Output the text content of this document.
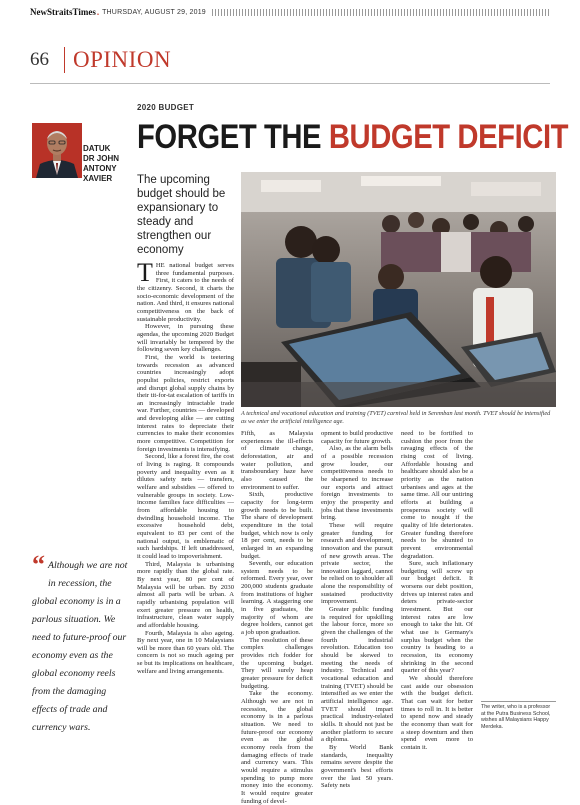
NewStraitsTimes . THURSDAY, AUGUST 29, 2019
66	OPINION
DATUK
DR JOHN
ANTONY
XAVIER
2020 BUDGET
FORGET THE BUDGET DEFICIT
The upcoming budget should be expansionary to steady and strengthen our economy
A technical and vocational education and training (TVET) carnival held in Seremban last month. TVET should be intensified as we enter the artificial intelligence age.

THE national budget serves three fundamental purposes. First, it caters to the needs of the citizenry. Second, it charts the socio-economic development of the nation. And third, it ensures national competitiveness on the back of sustainable productivity.

However, in pursuing these agendas, the upcoming 2020 Budget will invariably be tempered by the following seven key challenges.

First, the world is teetering towards recession as advanced countries increasingly adopt populist policies, restrict exports and disrupt global supply chains by their tit-for-tat escalation of tariffs in an increasingly intractable trade war. Further, countries — developed and developing alike — are cutting interest rates to depreciate their currencies to make their economies more competitive. Competition for foreign investments is intensifying.

Second, like a forest fire, the cost of living is raging. It compounds poverty and inequality even as it dilutes safety nets — transfers, welfare and subsidies — offered to vulnerable groups in society. Low-income families face difficulties — from affordable housing to dwindling household income. The excessive household debt, equivalent to 83 per cent of the national output, is emblematic of such hardships. If left unaddressed, it could lead to impoverishment.

Third, Malaysia is urbanising more rapidly than the global rate. By next year, 80 per cent of Malaysia will be urban. By 2030 almost all parts will be urban. A rapidly urbanising population will exert greater pressure on health, infrastructure, clean water supply and affordable housing.

Fourth, Malaysia is also ageing. By next year, one in 10 Malaysians will be more than 60 years old. The concern is not so much ageing per se but its implications on healthcare, welfare and living arrangements.

Fifth, as Malaysia experiences the ill-effects of climate change, deforestation, air and water pollution, and transboundary haze have also caused the environment to suffer.

Sixth, productive capacity for long-term growth needs to be built. The share of development expenditure in the total budget, which now is only 18 per cent, needs to be enlarged in an expanding budget.

Seventh, our education system needs to be reformed. Every year, over 200,000 students graduate from institutions of higher learning. A staggering one in five graduates, the majority of whom are degree holders, cannot get a job upon graduation.

The resolution of these complex challenges provides rich fodder for the upcoming budget. They will surely heap greater pressure for deficit budgeting.

Take the economy. Although we are not in recession, the global economy is in a parlous situation. We need to future-proof our economy even as the global economy reels from the damaging effects of trade and currency wars. This would require a stimulus spending to pump more money into the economy. It would require greater funding of devel-

opment to build productive capacity for future growth.

Also, as the alarm bells of a possible recession grow louder, our competitiveness needs to be sharpened to increase our exports and attract foreign investments to enjoy the prosperity and jobs that these investments bring.

These will require greater funding for research and development, innovation and the pursuit of new growth areas. The private sector, the innovation laggard, cannot be relied on to shoulder all alone the responsibility of sustained productivity improvement.

Greater public funding is required for upskilling the labour force, more so given the challenges of the fourth industrial revolution. Education too should be skewed to meeting the needs of industry. Technical and vocational education and training (TVET) should be intensified as we enter the artificial intelligence age. TVET should impart practical industry-related skills. It should not just be another platform to secure a diploma.

By World Bank standards, inequality remains severe despite the government's best efforts over the last 50 years. Safety nets

need to be fortified to cushion the poor from the ravaging effects of the rising cost of living. Affordable housing and healthcare should also be a priority as the nation urbanises and ages at the same time. All our untiring efforts at building a prosperous society will come to nought if the quality of life deteriorates. Greater funding therefore needs to be shunted to prevent environmental degradation.

Sure, such inflationary budgeting will screw up our budget deficit. It worsens our debt position, drives up interest rates and deters private-sector investment. But our interest rates are low enough to take the hit. Of what use is Germany's surplus budget when the country is heading to a recession, its economy shrinking in the second quarter of this year?

We should therefore cast aside our obsession with the budget deficit. That can wait for better times to roll in. It is better to spend now and steady the economy than wait for a steep downturn and then spend even more to contain it.

“ Although we are not in recession, the global economy is in a parlous situation. We need to future-proof our economy even as the global economy reels from the damaging effects of trade and currency wars.
The writer, who is a professor at the Putra Business School, wishes all Malaysians Happy Merdeka.
